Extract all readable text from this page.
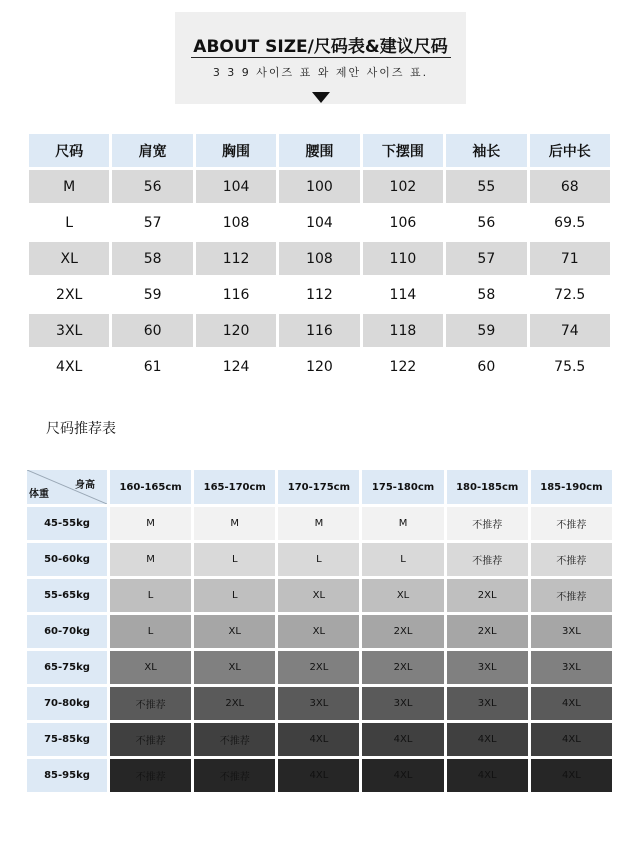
ABOUT SIZE/尺码表&建议尺码
3 3 9 사이즈 표 와 제안 사이즈 표.
尺码	肩宽	胸围	腰围	下摆围	袖长	后中长
M	56	104	100	102	55	68
L	57	108	104	106	56	69.5
XL	58	112	108	110	57	71
2XL	59	116	112	114	58	72.5
3XL	60	120	116	118	59	74
4XL	61	124	120	122	60	75.5
尺码推荐表
身高
体重	160-165cm	165-170cm	170-175cm	175-180cm	180-185cm	185-190cm
45-55kg	M	M	M	M	不推荐	不推荐
50-60kg	M	L	L	L	不推荐	不推荐
55-65kg	L	L	XL	XL	2XL	不推荐
60-70kg	L	XL	XL	2XL	2XL	3XL
65-75kg	XL	XL	2XL	2XL	3XL	3XL
70-80kg	不推荐	2XL	3XL	3XL	3XL	4XL
75-85kg	不推荐	不推荐	4XL	4XL	4XL	4XL
85-95kg	不推荐	不推荐	4XL	4XL	4XL	4XL
